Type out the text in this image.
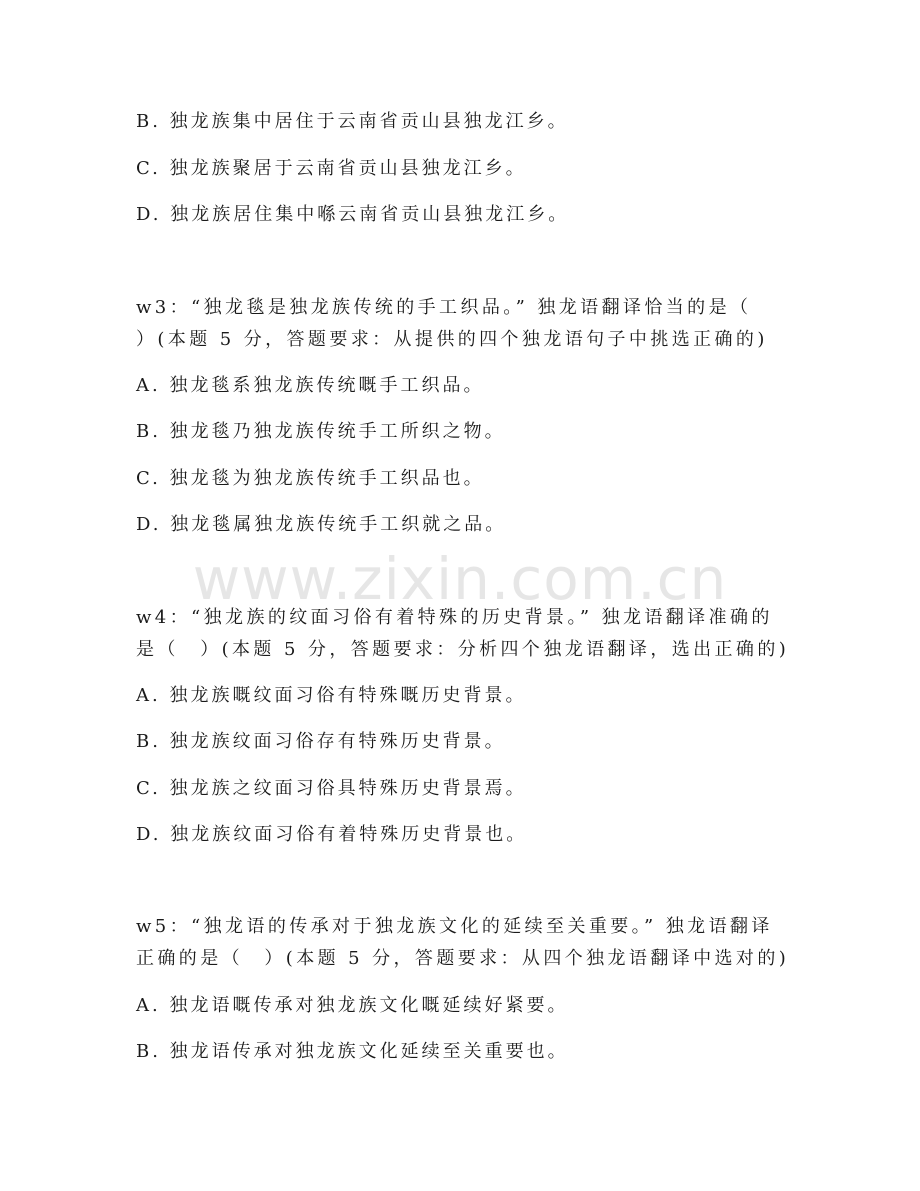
www.zixin.com.cn
B. 独龙族集中居住于云南省贡山县独龙江乡。
C. 独龙族聚居于云南省贡山县独龙江乡。
D. 独龙族居住集中喺云南省贡山县独龙江乡。
w3：“独龙毯是独龙族传统的手工织品。” 独龙语翻译恰当的是（
）(本题 5 分，答题要求：从提供的四个独龙语句子中挑选正确的)
A. 独龙毯系独龙族传统嘅手工织品。
B. 独龙毯乃独龙族传统手工所织之物。
C. 独龙毯为独龙族传统手工织品也。
D. 独龙毯属独龙族传统手工织就之品。
w4：“独龙族的纹面习俗有着特殊的历史背景。” 独龙语翻译准确的
是（　）(本题 5 分，答题要求：分析四个独龙语翻译，选出正确的)
A. 独龙族嘅纹面习俗有特殊嘅历史背景。
B. 独龙族纹面习俗存有特殊历史背景。
C. 独龙族之纹面习俗具特殊历史背景焉。
D. 独龙族纹面习俗有着特殊历史背景也。
w5：“独龙语的传承对于独龙族文化的延续至关重要。” 独龙语翻译
正确的是（　）(本题 5 分，答题要求：从四个独龙语翻译中选对的)
A. 独龙语嘅传承对独龙族文化嘅延续好紧要。
B. 独龙语传承对独龙族文化延续至关重要也。
